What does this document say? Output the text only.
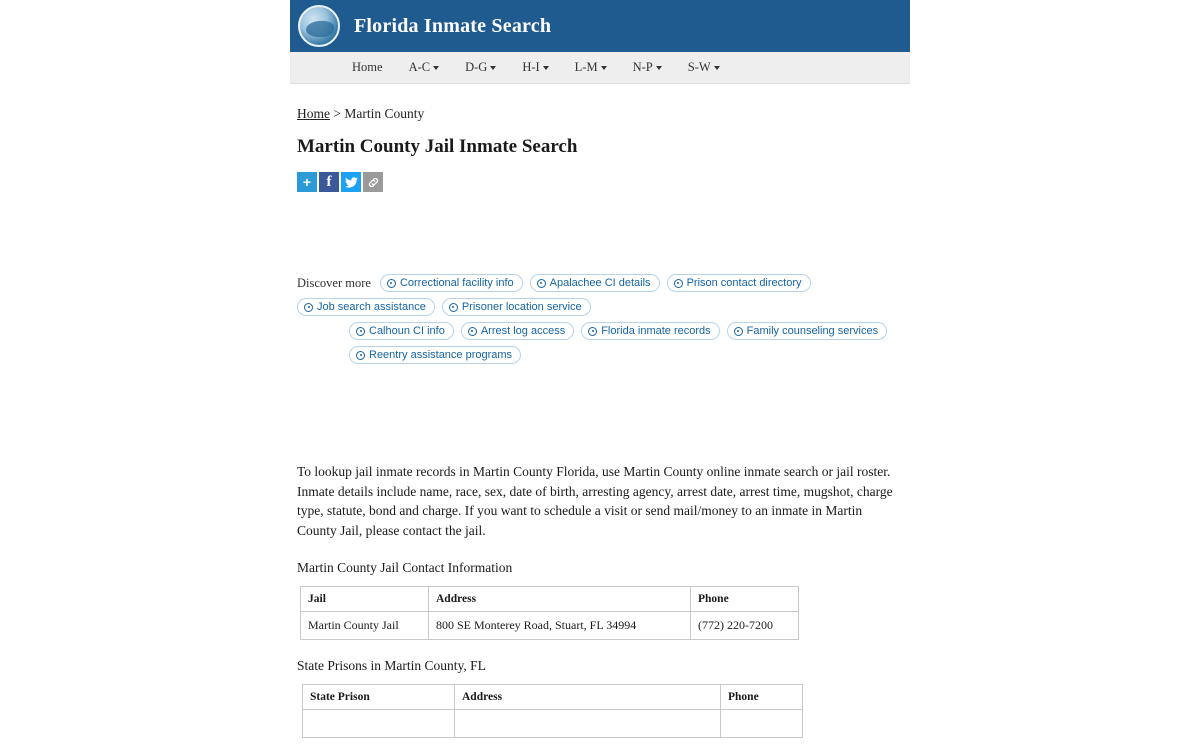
Florida Inmate Search
Home A-C	D-G	H-I	L-M	N-P	S-W
Home > Martin County
Martin County Jail Inmate Search
+	f
Discover more	Correctional facility info	Apalachee CI details	Prison contact directory
Job search assistance	Prisoner location service
Calhoun CI info	Arrest log access	Florida inmate records	Family counseling services
Reentry assistance programs

To lookup jail inmate records in Martin County Florida, use Martin County online inmate search or jail roster. Inmate details include name, race, sex, date of birth, arresting agency, arrest date, arrest time, mugshot, charge type, statute, bond and charge. If you want to schedule a visit or send mail/money to an inmate in Martin County Jail, please contact the jail.

Martin County Jail Contact Information
Jail	Address	Phone
Martin County Jail	800 SE Monterey Road, Stuart, FL 34994	(772) 220-7200
State Prisons in Martin County, FL
State Prison	Address	Phone
